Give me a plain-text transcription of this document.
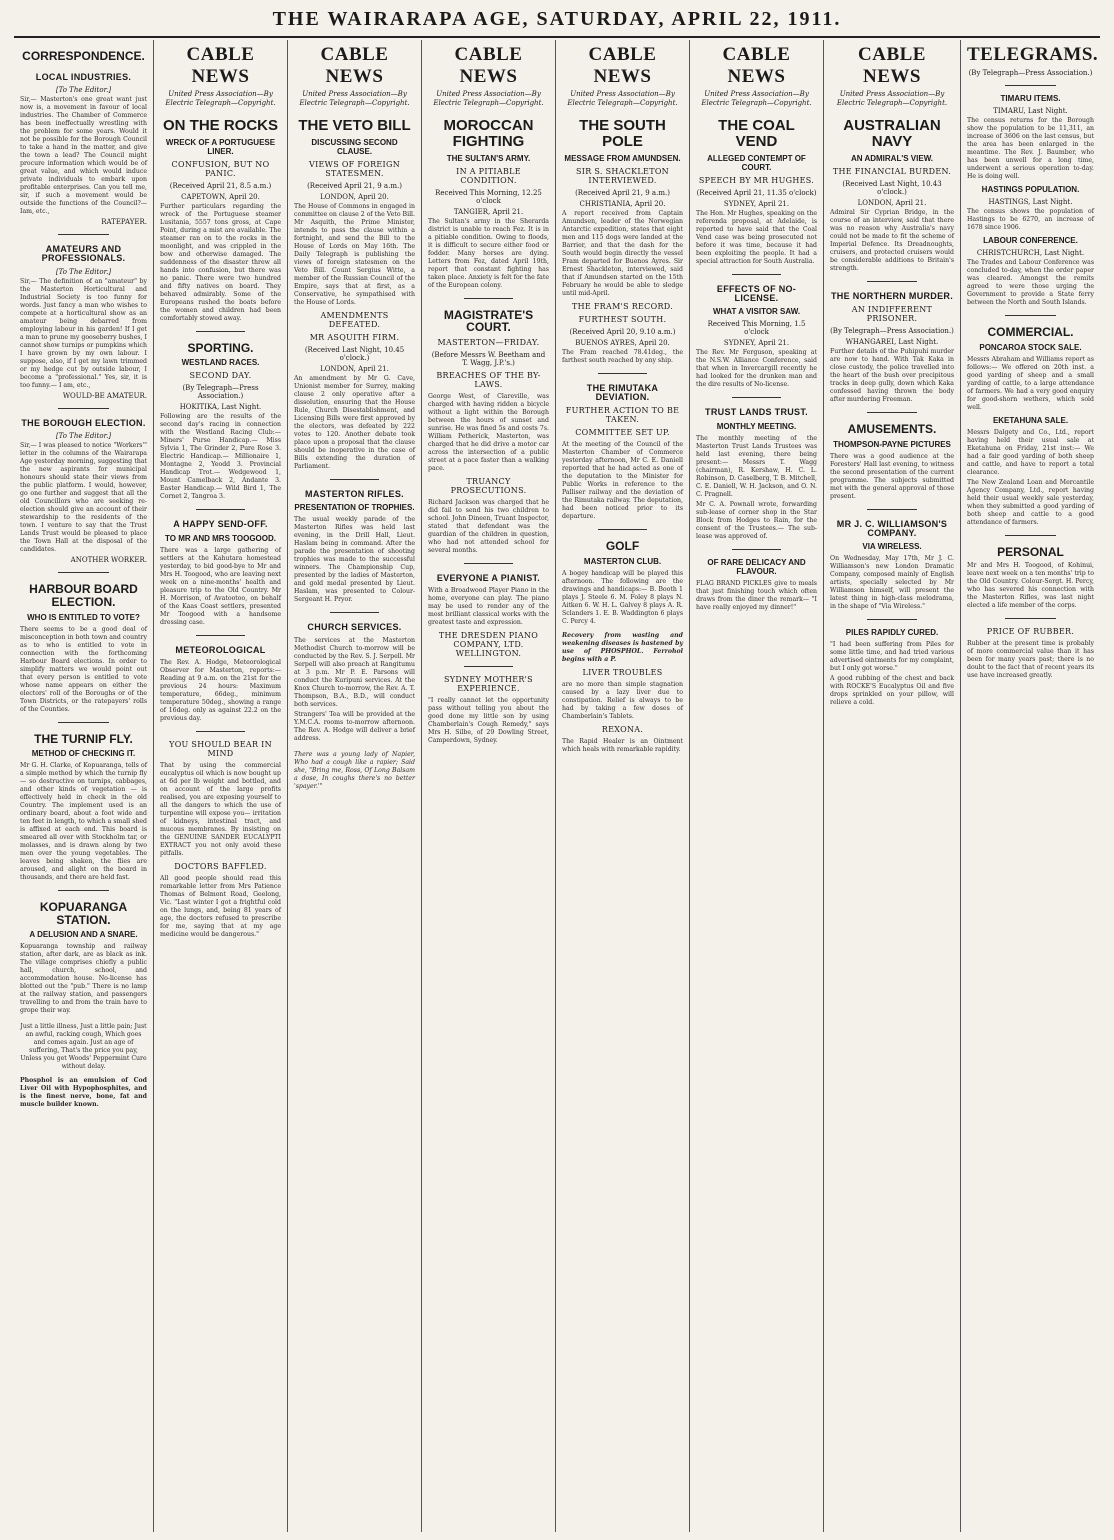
THE WAIRARAPA AGE, SATURDAY, APRIL 22, 1911.
CORRESPONDENCE.
LOCAL INDUSTRIES.
[To The Editor.]
Sir,— Masterton's one great want just now is, a movement in favour of local industries. The Chamber of Commerce has been ineffectually wrestling with the problem for some years. Would it not be possible for the Borough Council to take a hand in the matter, and give the town a lead? The Council might procure information which would be of great value, and which would induce private individuals to embark upon profitable enterprises. Can you tell me, sir, if such a movement would be outside the functions of the Council?— Iam, etc.,
RATEPAYER.
AMATEURS AND PROFESSIONALS.
[To The Editor.]
Sir,— The definition of an "amateur" by the Masterton Horticultural and Industrial Society is too funny for words. Just fancy a man who wishes to compete at a horticultural show as an amateur being debarred from employing labour in his garden! If I get a man to prune my gooseberry bushes, I cannot show turnips or pumpkins which I have grown by my own labour. I suppose, also, if I get my lawn trimmed or my hedge cut by outside labour, I become a "professional." Yes, sir, it is too funny.— I am, etc.,
WOULD-BE AMATEUR.
THE BOROUGH ELECTION.
[To The Editor.]
Sir,— I was pleased to notice "Workers'" letter in the columns of the Wairarapa Age yesterday morning, suggesting that the new aspirants for municipal honours should state their views from the public platform. I would, however, go one further and suggest that all the old Councillors who are seeking re-election should give an account of their stewardship to the residents of the town. I venture to say that the Trust Lands Trust would be pleased to place the Town Hall at the disposal of the candidates.
ANOTHER WORKER.
HARBOUR BOARD ELECTION.
WHO IS ENTITLED TO VOTE?
There seems to be a good deal of misconception in both town and country as to who is entitled to vote in connection with the forthcoming Harbour Board elections. In order to simplify matters we would point out that every person is entitled to vote whose name appears on either the electors' roll of the Boroughs or of the Town Districts, or the ratepayers' rolls of the Counties.
THE TURNIP FLY.
METHOD OF CHECKING IT.
Mr G. H. Clarke, of Kopuaranga, tells of a simple method by which the turnip fly — so destructive on turnips, cabbages, and other kinds of vegetation — is effectively held in check in the old Country. The implement used is an ordinary board, about a foot wide and ten feet in length, to which a small shed is affixed at each end. This board is smeared all over with Stockholm tar, or molasses, and is drawn along by two men over the young vegetables. The leaves being shaken, the flies are aroused, and alight on the board in thousands, and there are held fast.
KOPUARANGA STATION.
A DELUSION AND A SNARE.
Kopuaranga township and railway station, after dark, are as black as ink. The village comprises chiefly a public hall, church, school, and accommodation house. No-license has blotted out the "pub." There is no lamp at the railway station, and passengers travelling to and from the train have to grope their way.
Just a little illness, Just a little pain; Just an awful, racking cough, Which goes and comes again. Just an age of suffering, That's the price you pay, Unless you get Woods' Peppermint Cure without delay.
Phosphol is an emulsion of Cod Liver Oil with Hypophosphites, and is the finest nerve, bone, fat and muscle builder known.
CABLE NEWS
United Press Association—By Electric Telegraph—Copyright.
ON THE ROCKS
WRECK OF A PORTUGUESE LINER.
CONFUSION, BUT NO PANIC.
(Received April 21, 8.5 a.m.)
CAPETOWN, April 20.
Further particulars regarding the wreck of the Portuguese steamer Lusitania, 5557 tons gross, at Cape Point, during a mist are available. The steamer ran on to the rocks in the moonlight, and was crippled in the bow and otherwise damaged. The suddenness of the disaster threw all hands into confusion, but there was no panic. There were two hundred and fifty natives on board. They behaved admirably. Some of the Europeans rushed the boats before the women and children had been comfortably stowed away.
SPORTING.
WESTLAND RACES.
SECOND DAY.
(By Telegraph—Press Association.)
HOKITIKA, Last Night.
Following are the results of the second day's racing in connection with the Westland Racing Club:— Miners' Purse Handicap.— Miss Sylvia 1, The Grinder 2, Pure Rose 3. Electric Handicap.— Millionaire 1, Montagne 2, Yeodd 3. Provincial Handicap Trot.— Wedgewood 1, Mount Camelback 2, Andante 3. Easter Handicap.— Wild Bird 1, The Cornet 2, Tangroa 3.
A HAPPY SEND-OFF.
TO MR AND MRS TOOGOOD.
There was a large gathering of settlers at the Kahutara homestead yesterday, to bid good-bye to Mr and Mrs H. Toogood, who are leaving next week on a nine-months' health and pleasure trip to the Old Country. Mr H. Morrison, of Avatootoo, on behalf of the Kaas Coast settlers, presented Mr Toogood with a handsome dressing case.
METEOROLOGICAL
The Rev. A. Hodge, Meteorological Observer for Masterton, reports:— Reading at 9 a.m. on the 21st for the previous 24 hours: Maximum temperature, 66deg., minimum temperature 50deg., showing a range of 16deg. only as against 22.2 on the previous day.
YOU SHOULD BEAR IN MIND
That by using the commercial eucalyptus oil which is now bought up at 6d per lb weight and bottled, and on account of the large profits realised, you are exposing yourself to all the dangers to which the use of turpentine will expose you— irritation of kidneys, intestinal tract, and mucous membranes. By insisting on the GENUINE SANDER EUCALYPTI EXTRACT you not only avoid these pitfalls.
DOCTORS BAFFLED.
All good people should read this remarkable letter from Mrs Patience Thomas of Belmont Road, Geelong, Vic. "Last winter I got a frightful cold on the lungs, and, being 81 years of age, the doctors refused to prescribe for me, saying that at my age medicine would be dangerous."
CABLE NEWS
United Press Association—By Electric Telegraph—Copyright.
THE VETO BILL
DISCUSSING SECOND CLAUSE.
VIEWS OF FOREIGN STATESMEN.
(Received April 21, 9 a.m.)
LONDON, April 20.
The House of Commons in engaged in committee on clause 2 of the Veto Bill. Mr Asquith, the Prime Minister, intends to pass the clause within a fortnight, and send the Bill to the House of Lords on May 16th. The Daily Telegraph is publishing the views of foreign statesmen on the Veto Bill. Count Sergius Witte, a member of the Russian Council of the Empire, says that at first, as a Conservative, he sympathised with the House of Lords.
AMENDMENTS DEFEATED.
MR ASQUITH FIRM.
(Received Last Night, 10.45 o'clock.)
LONDON, April 21.
An amendment by Mr G. Cave, Unionist member for Surrey, making clause 2 only operative after a dissolution, ensuring that the House Rule, Church Disestablishment, and Licensing Bills were first approved by the electors, was defeated by 222 votes to 120. Another debate took place upon a proposal that the clause should be inoperative in the case of Bills extending the duration of Parliament.
MASTERTON RIFLES.
PRESENTATION OF TROPHIES.
The usual weekly parade of the Masterton Rifles was held last evening, in the Drill Hall, Lieut. Haslam being in command. After the parade the presentation of shooting trophies was made to the successful winners. The Championship Cup, presented by the ladies of Masterton, and gold medal presented by Lieut. Haslam, was presented to Colour-Sergeant H. Pryor.
CHURCH SERVICES.
The services at the Masterton Methodist Church to-morrow will be conducted by the Rev. S. J. Serpell. Mr Serpell will also preach at Rangitumu at 3 p.m. Mr P. E. Parsons will conduct the Kuripuni services. At the Knox Church to-morrow, the Rev. A. T. Thompson, B.A., B.D., will conduct both services.
Strangers' Tea will be provided at the Y.M.C.A. rooms to-morrow afternoon. The Rev. A. Hodge will deliver a brief address.
There was a young lady of Napier, Who had a cough like a rapier; Said she, "Bring me, Ross, Of Long Balsam a dose, In coughs there's no better 'spayer.'"
CABLE NEWS
United Press Association—By Electric Telegraph—Copyright.
MOROCCAN FIGHTING
THE SULTAN'S ARMY.
IN A PITIABLE CONDITION.
Received This Morning, 12.25 o'clock
TANGIER, April 21.
The Sultan's army in the Sherarda district is unable to reach Fez. It is in a pitiable condition. Owing to floods, it is difficult to secure either food or fodder. Many horses are dying. Letters from Fez, dated April 19th, report that constant fighting has taken place. Anxiety is felt for the fate of the European colony.
MAGISTRATE'S COURT.
MASTERTON—FRIDAY.
(Before Messrs W. Beetham and T. Wagg, J.P.'s.)
BREACHES OF THE BY-LAWS.
George West, of Clareville, was charged with having ridden a bicycle without a light within the Borough between the hours of sunset and sunrise. He was fined 5s and costs 7s. William Petherick, Masterton, was charged that he did drive a motor car across the intersection of a public street at a pace faster than a walking pace.
TRUANCY PROSECUTIONS.
Richard Jackson was charged that he did fail to send his two children to school. John Dineen, Truant Inspector, stated that defendant was the guardian of the children in question, who had not attended school for several months.
EVERYONE A PIANIST.
With a Broadwood Player Piano in the home, everyone can play. The piano may be used to render any of the most brilliant classical works with the greatest taste and expression.
THE DRESDEN PIANO COMPANY, LTD. WELLINGTON.
SYDNEY MOTHER'S EXPERIENCE.
"I really cannot let the opportunity pass without telling you about the good done my little son by using Chamberlain's Cough Remedy," says Mrs H. Silbe, of 29 Dowling Street, Camperdown, Sydney.
CABLE NEWS
United Press Association—By Electric Telegraph—Copyright.
THE SOUTH POLE
MESSAGE FROM AMUNDSEN.
SIR S. SHACKLETON INTERVIEWED.
(Received April 21, 9 a.m.)
CHRISTIANIA, April 20.
A report received from Captain Amundsen, leader of the Norwegian Antarctic expedition, states that eight men and 115 dogs were landed at the Barrier, and that the dash for the South would begin directly the vessel Fram departed for Buenos Ayres. Sir Ernest Shackleton, interviewed, said that if Amundsen started on the 15th February he would be able to sledge until mid-April.
THE FRAM'S RECORD.
FURTHEST SOUTH.
(Received April 20, 9.10 a.m.)
BUENOS AYRES, April 20.
The Fram reached 78.41deg., the farthest south reached by any ship.
THE RIMUTAKA DEVIATION.
FURTHER ACTION TO BE TAKEN.
COMMITTEE SET UP.
At the meeting of the Council of the Masterton Chamber of Commerce yesterday afternoon, Mr C. E. Daniell reported that he had acted as one of the deputation to the Minister for Public Works in reference to the Palliser railway and the deviation of the Rimutaka railway. The deputation, had been noticed prior to its departure.
GOLF
MASTERTON CLUB.
A bogey handicap will be played this afternoon. The following are the drawings and handicaps:— B. Booth 1 plays J. Steele 6. M. Foley 8 plays N. Aitken 6. W. H. L. Galvey 8 plays A. R. Sclanders 1. E. B. Waddington 6 plays C. Percy 4.
Recovery from wasting and weakening diseases is hastened by use of PHOSPHOL. Ferrohol begins with a P.
LIVER TROUBLES
are no more than simple stagnation caused by a lazy liver due to constipation. Relief is always to be had by taking a few doses of Chamberlain's Tablets.
REXONA.
The Rapid Healer is an Ointment which heals with remarkable rapidity.
CABLE NEWS
United Press Association—By Electric Telegraph—Copyright.
THE COAL VEND
ALLEGED CONTEMPT OF COURT.
SPEECH BY MR HUGHES.
(Received April 21, 11.35 o'clock)
SYDNEY, April 21.
The Hon. Mr Hughes, speaking on the referenda proposal, at Adelaide, is reported to have said that the Coal Vend case was being prosecuted not before it was time, because it had been exploiting the people. It had a special attraction for South Australia.
EFFECTS OF NO-LICENSE.
WHAT A VISITOR SAW.
Received This Morning, 1.5 o'clock
SYDNEY, April 21.
The Rev. Mr Ferguson, speaking at the N.S.W. Alliance Conference, said that when in Invercargill recently he had looked for the drunken man and the dire results of No-license.
TRUST LANDS TRUST.
MONTHLY MEETING.
The monthly meeting of the Masterton Trust Lands Trustees was held last evening, there being present:— Messrs T. Wagg (chairman), R. Kershaw, H. C. L. Robinson, D. Caselberg, T. B. Mitchell, C. E. Daniell, W. H. Jackson, and O. N. C. Pragnell.
Mr C. A. Pownall wrote, forwarding sub-lease of corner shop in the Star Block from Hodges to Rain, for the consent of the Trustees.— The sub-lease was approved of.
OF RARE DELICACY AND FLAVOUR.
FLAG BRAND PICKLES give to meals that just finishing touch which often draws from the diner the remark— "I have really enjoyed my dinner!"
CABLE NEWS
United Press Association—By Electric Telegraph—Copyright.
AUSTRALIAN NAVY
AN ADMIRAL'S VIEW.
THE FINANCIAL BURDEN.
(Received Last Night, 10.43 o'clock.)
LONDON, April 21.
Admiral Sir Cyprian Bridge, in the course of an interview, said that there was no reason why Australia's navy could not be made to fit the scheme of Imperial Defence. Its Dreadnoughts, cruisers, and protected cruisers would be considerable additions to Britain's strength.
THE NORTHERN MURDER.
AN INDIFFERENT PRISONER.
(By Telegraph—Press Association.)
WHANGAREI, Last Night.
Further details of the Puhipuhi murder are now to hand. With Tak Kaka in close custody, the police travelled into the heart of the bush over precipitous tracks in deep gully, down which Kaka confessed having thrown the body after murdering Freeman.
AMUSEMENTS.
THOMPSON-PAYNE PICTURES
There was a good audience at the Foresters' Hall last evening, to witness the second presentation of the current programme. The subjects submitted met with the general approval of those present.
MR J. C. WILLIAMSON'S COMPANY.
VIA WIRELESS.
On Wednesday, May 17th, Mr J. C. Williamson's new London Dramatic Company, composed mainly of English artists, specially selected by Mr Williamson himself, will present the latest thing in high-class melodrama, in the shape of "Via Wireless."
PILES RAPIDLY CURED.
"I had been suffering from Piles for some little time, and had tried various advertised ointments for my complaint, but I only got worse."
A good rubbing of the chest and back with ROCKE'S Eucalyptus Oil and five drops sprinkled on your pillow, will relieve a cold.
TELEGRAMS.
(By Telegraph—Press Association.)
TIMARU ITEMS.
TIMARU, Last Night.
The census returns for the Borough show the population to be 11,311, an increase of 3606 on the last census, but the area has been enlarged in the meantime. The Rev. J. Baumber, who has been unwell for a long time, underwent a serious operation to-day. He is doing well.
HASTINGS POPULATION.
HASTINGS, Last Night.
The census shows the population of Hastings to be 6270, an increase of 1678 since 1906.
LABOUR CONFERENCE.
CHRISTCHURCH, Last Night.
The Trades and Labour Conference was concluded to-day, when the order paper was cleared. Amongst the remits agreed to were those urging the Government to provide a State ferry between the North and South Islands.
COMMERCIAL.
PONCAROA STOCK SALE.
Messrs Abraham and Williams report as follows:— We offered on 20th inst. a good yarding of sheep and a small yarding of cattle, to a large attendance of farmers. We had a very good enquiry for good-shorn wethers, which sold well.
EKETAHUNA SALE.
Messrs Dalgety and Co., Ltd., report having held their usual sale at Eketahuna on Friday, 21st inst:— We had a fair good yarding of both sheep and cattle, and have to report a total clearance.
The New Zealand Loan and Mercantile Agency Company, Ltd., report having held their usual weekly sale yesterday, when they submitted a good yarding of both sheep and cattle to a good attendance of farmers.
PERSONAL
Mr and Mrs H. Toogood, of Kohinui, leave next week on a ten months' trip to the Old Country. Colour-Sergt. H. Percy, who has severed his connection with the Masterton Rifles, was last night elected a life member of the corps.
PRICE OF RUBBER.
Rubber at the present time is probably of more commercial value than it has been for many years past; there is no doubt to the fact that of recent years its use have increased greatly.
